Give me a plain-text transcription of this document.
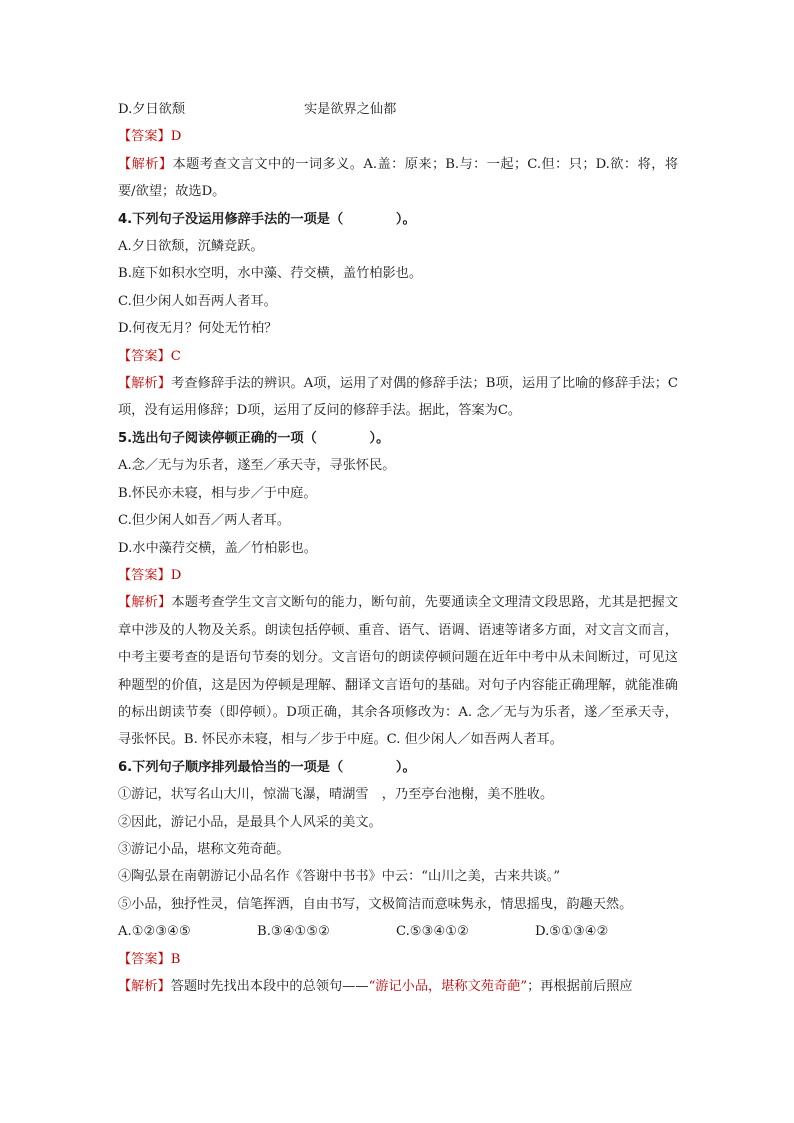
D.夕日欲颓	实是欲界之仙都
【答案】D
【解析】本题考查文言文中的一词多义。A.盖：原来；B.与：一起；C.但：只；D.欲：将，将要/欲望；故选D。
4.下列句子没运用修辞手法的一项是（　　　　）。
A.夕日欲颓，沉鳞竞跃。
B.庭下如积水空明，水中藻、荇交横，盖竹柏影也。
C.但少闲人如吾两人者耳。
D.何夜无月？何处无竹柏？
【答案】C
【解析】考查修辞手法的辨识。A项，运用了对偶的修辞手法；B项，运用了比喻的修辞手法；C项，没有运用修辞；D项，运用了反问的修辞手法。据此，答案为C。
5.选出句子阅读停顿正确的一项（　　　　）。
A.念／无与为乐者，遂至／承天寺，寻张怀民。
B.怀民亦未寝，相与步／于中庭。
C.但少闲人如吾／两人者耳。
D.水中藻荇交横，盖／竹柏影也。
【答案】D
【解析】本题考查学生文言文断句的能力，断句前，先要通读全文理清文段思路，尤其是把握文章中涉及的人物及关系。朗读包括停顿、重音、语气、语调、语速等诸多方面，对文言文而言，中考主要考查的是语句节奏的划分。文言语句的朗读停顿问题在近年中考中从未间断过，可见这种题型的价值，这是因为停顿是理解、翻译文言语句的基础。对句子内容能正确理解，就能准确的标出朗读节奏（即停顿）。D项正确，其余各项修改为：A. 念／无与为乐者，遂／至承天寺，寻张怀民。B. 怀民亦未寝，相与／步于中庭。C. 但少闲人／如吾两人者耳。
6.下列句子顺序排列最恰当的一项是（　　　　）。
①游记，状写名山大川，惊湍飞瀑，晴湖雪　，乃至亭台池榭，美不胜收。
②因此，游记小品，是最具个人风采的美文。
③游记小品，堪称文苑奇葩。
④陶弘景在南朝游记小品名作《答谢中书书》中云：“山川之美，古来共谈。”
⑤小品，独抒性灵，信笔挥洒，自由书写，文极简洁而意味隽永，情思摇曳，韵趣天然。
A.①②③④⑤	B.③④①⑤②	C.⑤③④①②	D.⑤①③④②
【答案】B
【解析】答题时先找出本段中的总领句——“游记小品，堪称文苑奇葩”；再根据前后照应
